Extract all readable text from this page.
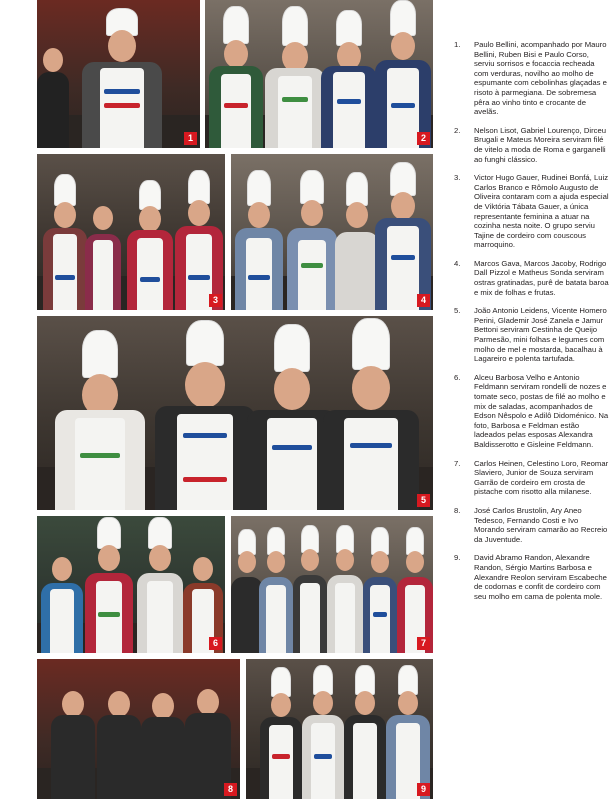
1	2
3	4
5
6	7
8	9
1. Paulo Bellini, acompanhado por Mauro Bellini, Ruben Bisi e Paulo Corso, serviu sorrisos e focaccia recheada com verduras, novilho ao molho de espumante com cebolinhas glaçadas e risoto à parmegiana. De sobremesa pêra ao vinho tinto e crocante de avelãs.
2. Nelson Lisot, Gabriel Lourenço, Dirceu Brugali e Mateus Moreira serviram filé de vitelo a moda de Roma e garganelli ao funghi clássico.
3. Victor Hugo Gauer, Rudinei Bonfá, Luiz Carlos Branco e Rômolo Augusto de Oliveira contaram com a ajuda especial de Viktória Tábata Gauer, a única representante feminina a atuar na cozinha nesta noite. O grupo serviu Tajine de cordeiro com couscous marroquino.
4. Marcos Gava, Marcos Jacoby, Rodrigo Dall Pizzol e Matheus Sonda serviram ostras gratinadas, purê de batata baroa e mix de folhas e frutas.
5. João Antonio Leidens, Vicente Homero Perini, Glademir José Zanela e Jamur Bettoni serviram Cestinha de Queijo Parmesão, mini folhas e legumes com molho de mel e mostarda, bacalhau à Lagareiro e polenta tartufada.
6. Alceu Barbosa Velho e Antonio Feldmann serviram rondelli de nozes e tomate seco, postas de filé ao molho e mix de saladas, acompanhados de Edson Nêspolo e Adilô Didoménico. Na foto, Barbosa e Feldman estão ladeados pelas esposas Alexandra Baldisserotto e Gisleine Feldmann.
7. Carlos Heinen, Celestino Loro, Reomar Slaviero, Junior de Souza serviram Garrão de cordeiro em crosta de pistache com risotto alla milanese.
8. José Carlos Brustolin, Ary Aneo Tedesco, Fernando Costi e Ivo Morando serviram camarão ao Recreio da Juventude.
9. David Abramo Randon, Alexandre Randon, Sérgio Martins Barbosa e Alexandre Reolon serviram Escabeche de codornas e confit de cordeiro com seu molho em cama de polenta mole.
